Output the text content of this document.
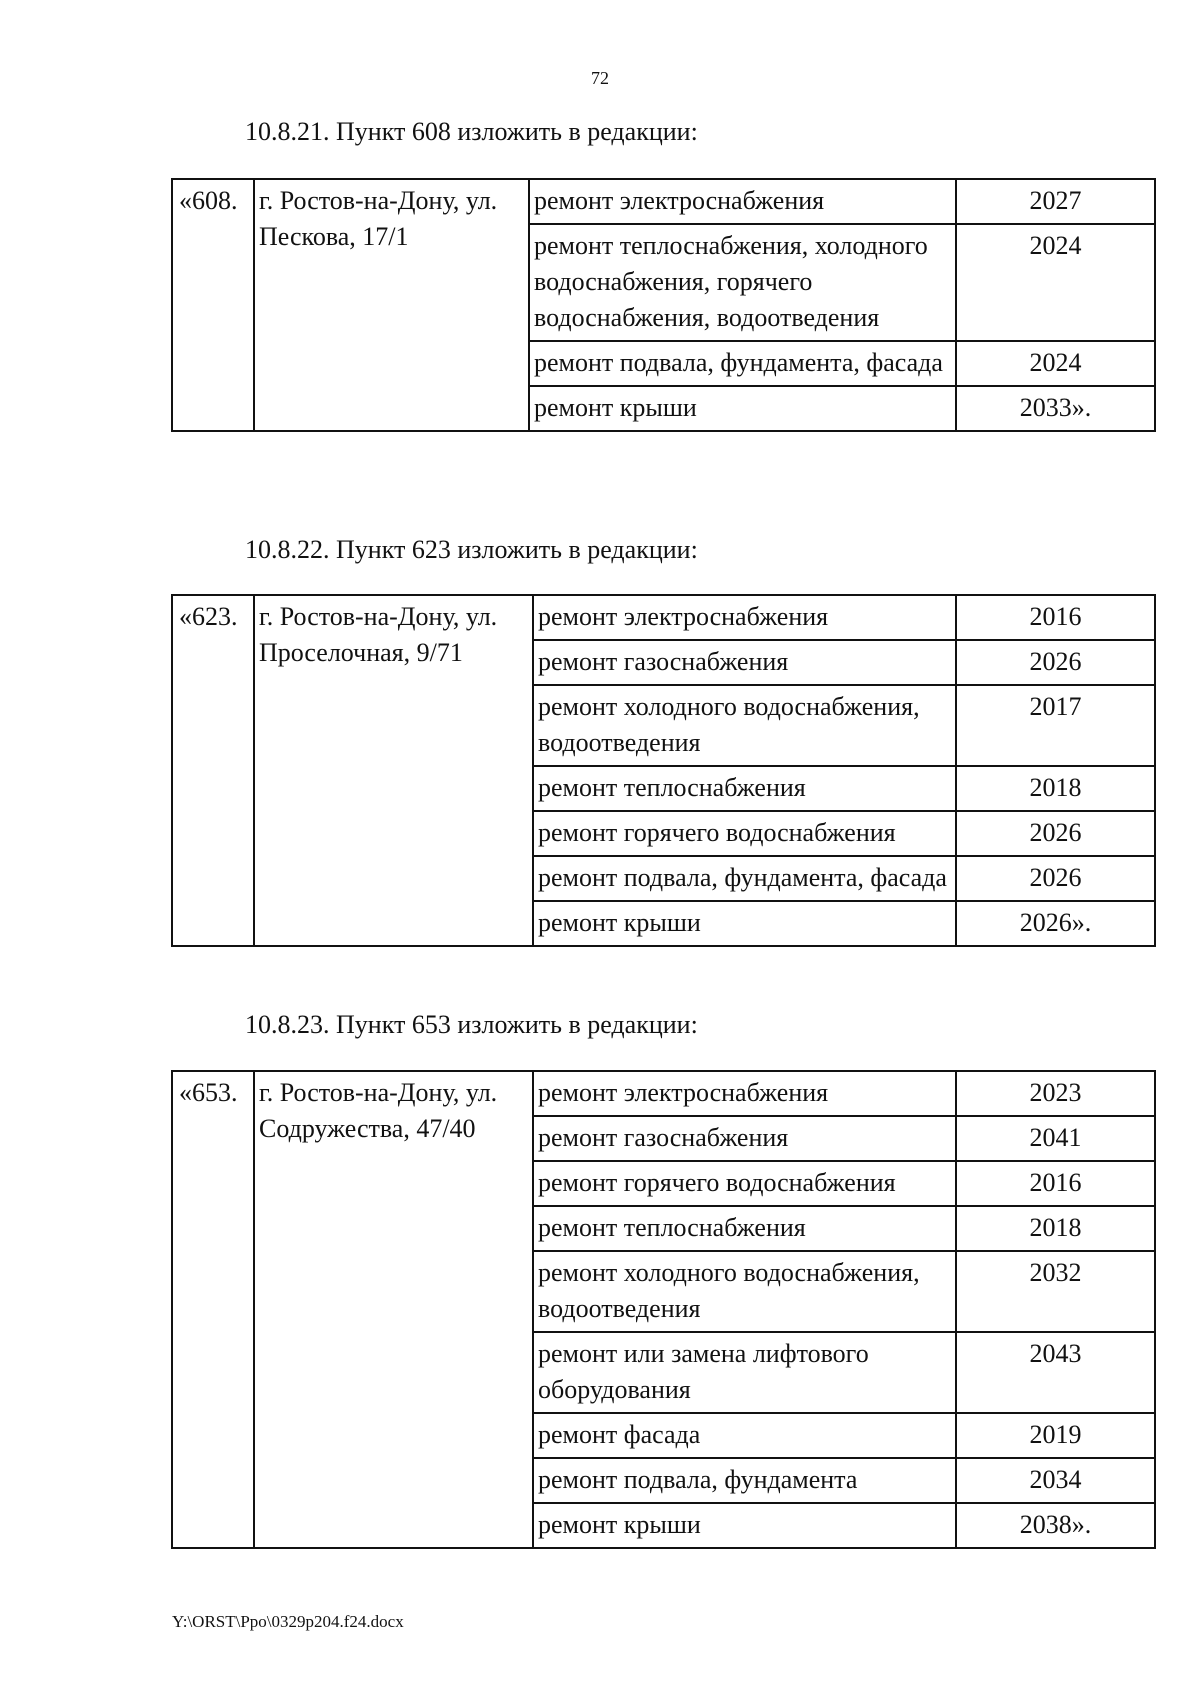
72
10.8.21. Пункт 608 изложить в редакции:
«608.	г. Ростов-на-Дону, ул. Пескова, 17/1	ремонт электроснабжения	2027
		ремонт теплоснабжения, холодного водоснабжения, горячего водоснабжения, водоотведения	2024
		ремонт подвала, фундамента, фасада	2024
		ремонт крыши	2033».
10.8.22. Пункт 623 изложить в редакции:
«623.	г. Ростов-на-Дону, ул. Проселочная, 9/71	ремонт электроснабжения	2016
		ремонт газоснабжения	2026
		ремонт холодного водоснабжения, водоотведения	2017
		ремонт теплоснабжения	2018
		ремонт горячего водоснабжения	2026
		ремонт подвала, фундамента, фасада	2026
		ремонт крыши	2026».
10.8.23. Пункт 653 изложить в редакции:
«653.	г. Ростов-на-Дону, ул. Содружества, 47/40	ремонт электроснабжения	2023
		ремонт газоснабжения	2041
		ремонт горячего водоснабжения	2016
		ремонт теплоснабжения	2018
		ремонт холодного водоснабжения, водоотведения	2032
		ремонт или замена лифтового оборудования	2043
		ремонт фасада	2019
		ремонт подвала, фундамента	2034
		ремонт крыши	2038».
Y:\ORST\Ppo\0329p204.f24.docx
